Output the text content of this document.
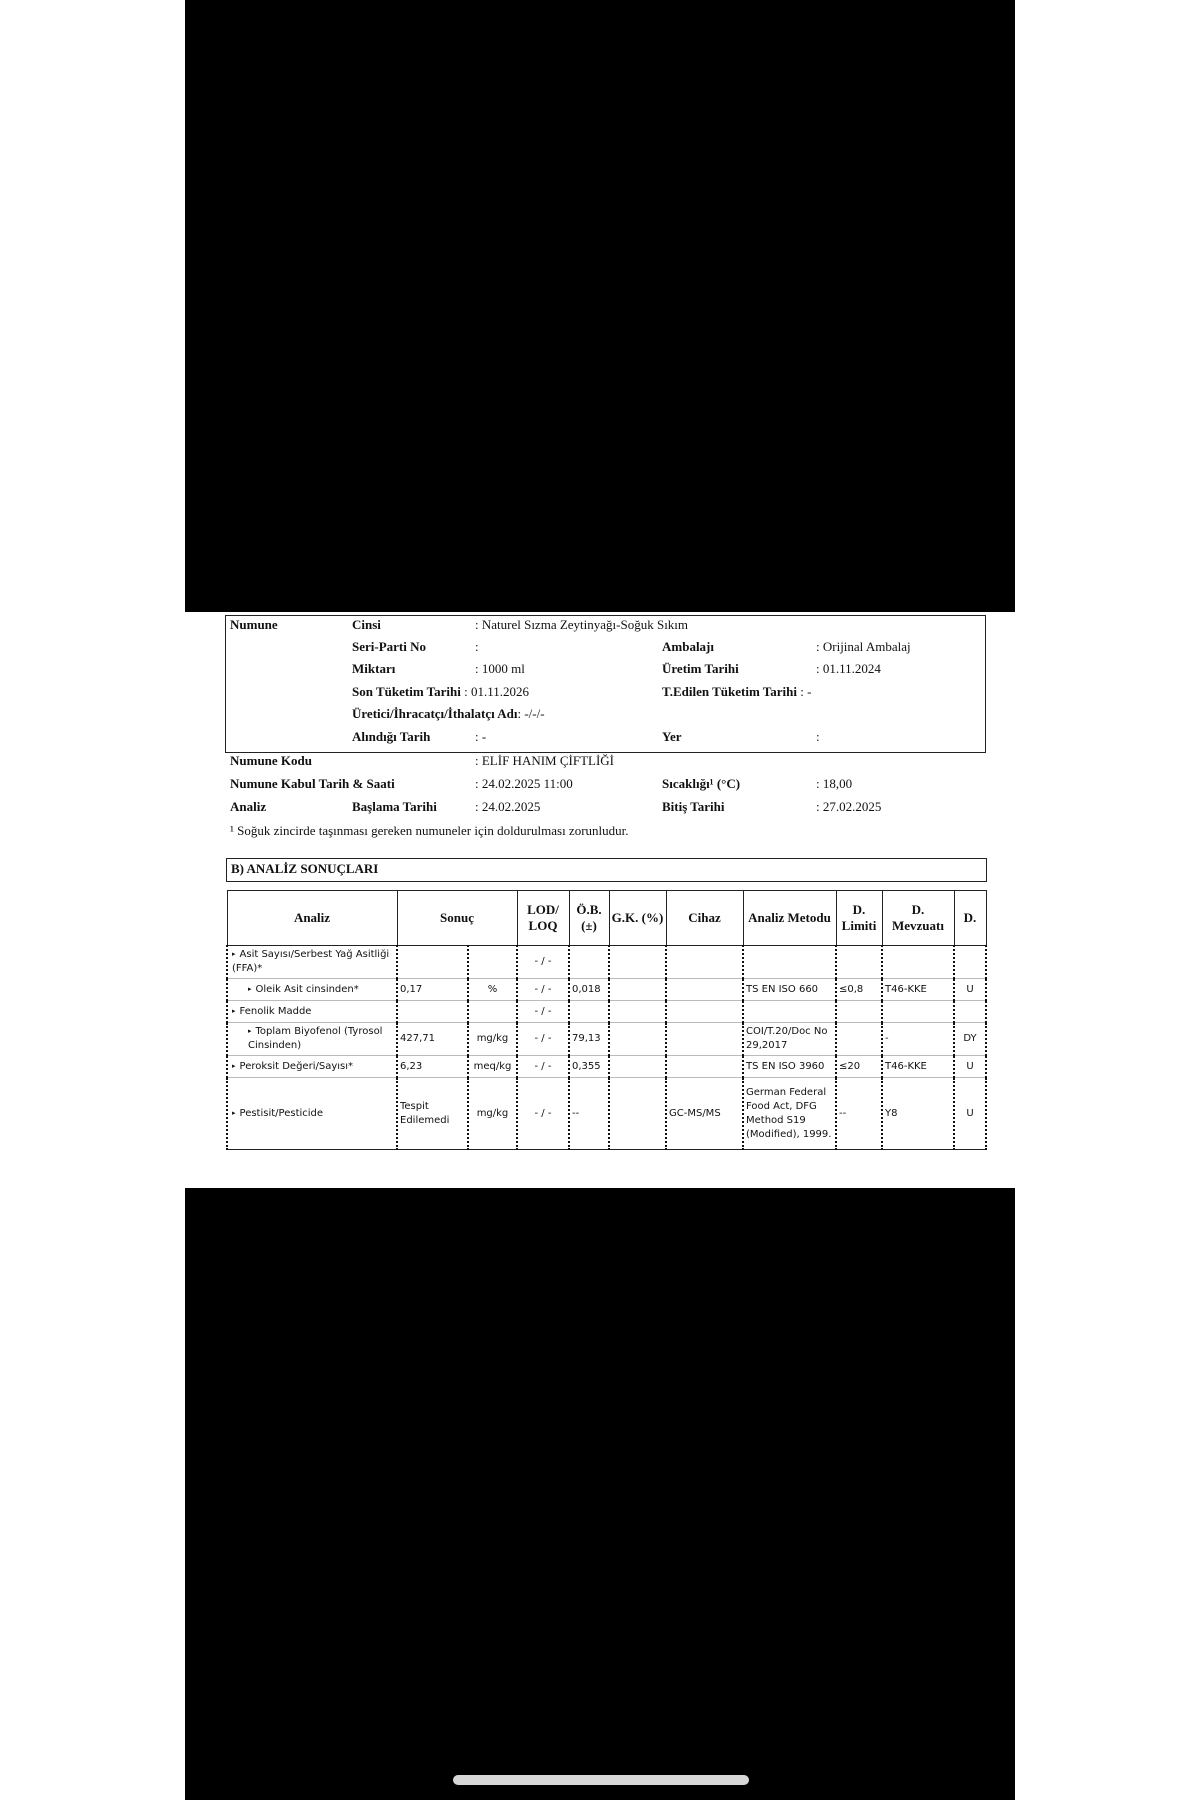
Numune	Cinsi	: Naturel Sızma Zeytinyağı-Soğuk Sıkım
Seri-Parti No	:	Ambalajı	: Orijinal Ambalaj
Miktarı	: 1000 ml	Üretim Tarihi	: 01.11.2024
Son Tüketim Tarihi : 01.11.2026	T.Edilen Tüketim Tarihi : -
Üretici/İhracatçı/İthalatçı Adı: -/-/-
Alındığı Tarih	: -	Yer	:
Numune Kodu	: ELİF HANIM ÇİFTLİĞİ
Numune Kabul Tarih & Saati	: 24.02.2025 11:00	Sıcaklığı¹ (°C)	: 18,00
Analiz	Başlama Tarihi	: 24.02.2025	Bitiş Tarihi	: 27.02.2025
¹ Soğuk zincirde taşınması gereken numuneler için doldurulması zorunludur.
B) ANALİZ SONUÇLARI
Analiz	Sonuç		LOD/ LOQ	Ö.B. (±)	G.K. (%)	Cihaz	Analiz Metodu	D. Limiti	D. Mevzuatı	D.
▸ Asit Sayısı/Serbest Yağ Asitliği (FFA)*			- / -							
▸ Oleik Asit cinsinden*	0,17	%	- / -	0,018			TS EN ISO 660	≤0,8	T46-KKE	U
▸ Fenolik Madde			- / -							
▸ Toplam Biyofenol (Tyrosol Cinsinden)	427,71	mg/kg	- / -	79,13			COI/T.20/Doc No 29,2017		-	DY
▸ Peroksit Değeri/Sayısı*	6,23	meq/kg	- / -	0,355			TS EN ISO 3960	≤20	T46-KKE	U
▸ Pestisit/Pesticide	Tespit Edilemedi	mg/kg	- / -	--		GC-MS/MS	German Federal Food Act, DFG Method S19 (Modified), 1999.	--	Y8	U
